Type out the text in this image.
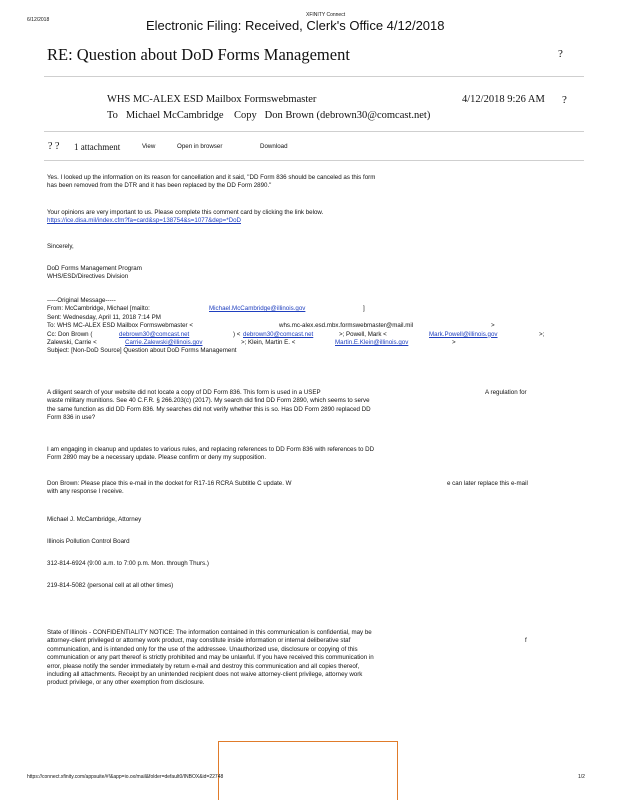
6/12/2018
XFINITY Connect
Electronic Filing: Received, Clerk's Office 4/12/2018
RE: Question about DoD Forms Management	?
WHS MC-ALEX ESD Mailbox Formswebmaster	4/12/2018 9:26 AM ?
To Michael McCambridge Copy Don Brown (debrown30@comcast.net)
? ? 1 attachment	View	Open in browser	Download
Yes. I looked up the information on its reason for cancellation and it said, "DD Form 836 should be canceled as this form
has been removed from the DTR and it has been replaced by the DD Form 2890."
Your opinions are very important to us. Please complete this comment card by clicking the link below.
https://ice.disa.mil/index.cfm?fa=card&sp=138754&s=1077&dep=*DoD
Sincerely,
DoD Forms Management Program
WHS/ESD/Directives Division
-----Original Message-----
From: McCambridge, Michael [mailto:	Michael.McCambridge@illinois.gov	]
Sent: Wednesday, April 11, 2018 7:14 PM
To: WHS MC-ALEX ESD Mailbox Formswebmaster <	whs.mc-alex.esd.mbx.formswebmaster@mail.mil	>
Cc: Don Brown (	debrown30@comcast.net	) < debrown30@comcast.net	>; Powell, Mark <	Mark.Powell@illinois.gov	>;
Zalewski, Carrie <	Carrie.Zalewski@illinois.gov	>; Klein, Martin E. <	Martin.E.Klein@illinois.gov	>
Subject: [Non-DoD Source] Question about DoD Forms Management
A diligent search of your website did not locate a copy of DD Form 836. This form is used in a USEP	A regulation for
waste military munitions. See 40 C.F.R. § 266.203(c) (2017). My search did find DD Form 2890, which seems to serve
the same function as did DD Form 836. My searches did not verify whether this is so. Has DD Form 2890 replaced DD
Form 836 in use?
I am engaging in cleanup and updates to various rules, and replacing references to DD Form 836 with references to DD
Form 2890 may be a necessary update. Please confirm or deny my supposition.
Don Brown: Please place this e-mail in the docket for R17-16 RCRA Subtitle C update. W	e can later replace this e-mail
with any response I receive.
Michael J. McCambridge, Attorney
Illinois Pollution Control Board
312-814-6924 (9:00 a.m. to 7:00 p.m. Mon. through Thurs.)
219-814-5082 (personal cell at all other times)
State of Illinois - CONFIDENTIALITY NOTICE: The information contained in this communication is confidential, may be
attorney-client privileged or attorney work product, may constitute inside information or internal deliberative staf	f
communication, and is intended only for the use of the addressee. Unauthorized use, disclosure or copying of this
communication or any part thereof is strictly prohibited and may be unlawful. If you have received this communication in
error, please notify the sender immediately by return e-mail and destroy this communication and all copies thereof,
including all attachments. Receipt by an unintended recipient does not waive attorney-client privilege, attorney work
product privilege, or any other exemption from disclosure.
https://connect.xfinity.com/appsuite/#!&app=io.ox/mail&folder=default0/INBOX&id=22748	1/2
